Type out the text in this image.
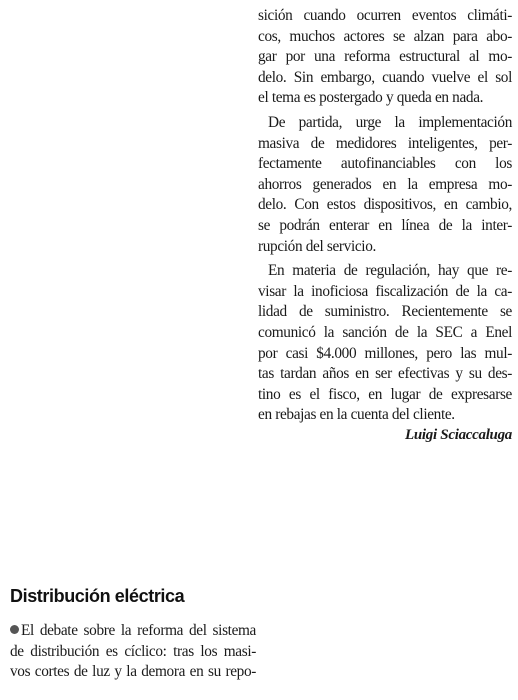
sición cuando ocurren eventos climáti-
cos, muchos actores se alzan para abo-
gar por una reforma estructural al mo-
delo. Sin embargo, cuando vuelve el sol
el tema es postergado y queda en nada.
De partida, urge la implementación
masiva de medidores inteligentes, per-
fectamente autofinanciables con los
ahorros generados en la empresa mo-
delo. Con estos dispositivos, en cambio,
se podrán enterar en línea de la inter-
rupción del servicio.
En materia de regulación, hay que re-
visar la inoficiosa fiscalización de la ca-
lidad de suministro. Recientemente se
comunicó la sanción de la SEC a Enel
por casi $4.000 millones, pero las mul-
tas tardan años en ser efectivas y su des-
tino es el fisco, en lugar de expresarse
en rebajas en la cuenta del cliente.
Luigi Sciaccaluga
Distribución eléctrica
El debate sobre la reforma del sistema
de distribución es cíclico: tras los masi-
vos cortes de luz y la demora en su repo-
